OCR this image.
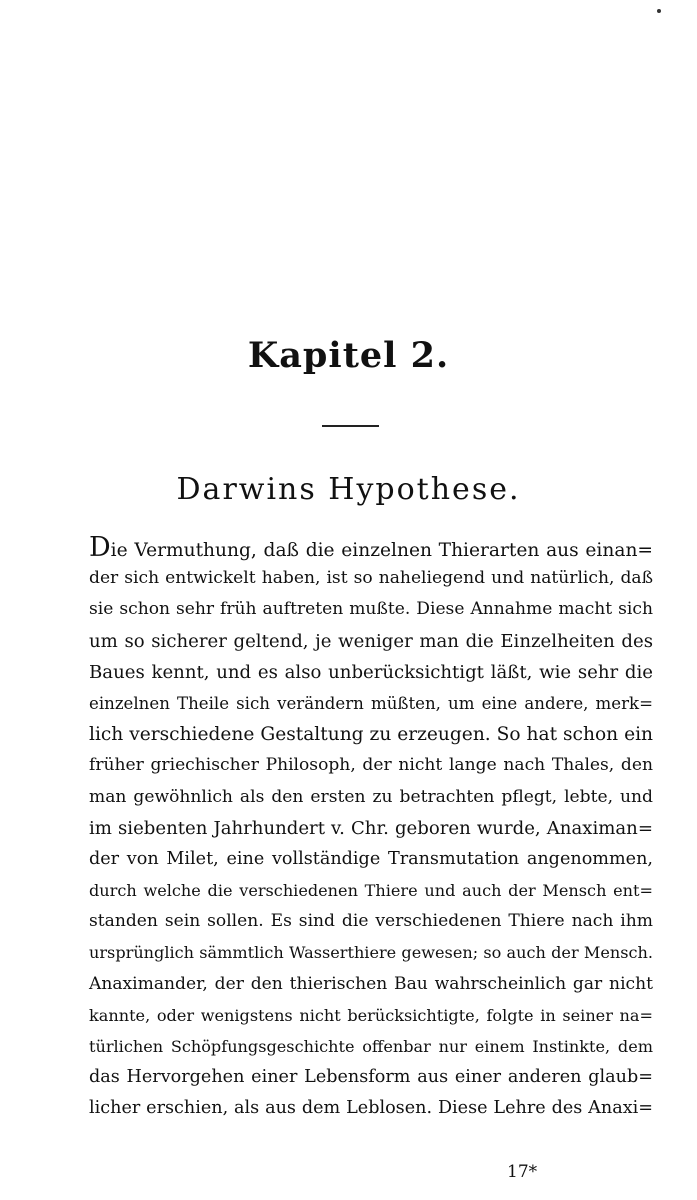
Kapitel 2.
Darwins Hypothese.
Die Vermuthung, daß die einzelnen Thierarten aus einan=
der sich entwickelt haben, ist so naheliegend und natürlich, daß
sie schon sehr früh auftreten mußte. Diese Annahme macht sich
um so sicherer geltend, je weniger man die Einzelheiten des
Baues kennt, und es also unberücksichtigt läßt, wie sehr die
einzelnen Theile sich verändern müßten, um eine andere, merk=
lich verschiedene Gestaltung zu erzeugen. So hat schon ein
früher griechischer Philosoph, der nicht lange nach Thales, den
man gewöhnlich als den ersten zu betrachten pflegt, lebte, und
im siebenten Jahrhundert v. Chr. geboren wurde, Anaximan=
der von Milet, eine vollständige Transmutation angenommen,
durch welche die verschiedenen Thiere und auch der Mensch ent=
standen sein sollen. Es sind die verschiedenen Thiere nach ihm
ursprünglich sämmtlich Wasserthiere gewesen; so auch der Mensch.
Anaximander, der den thierischen Bau wahrscheinlich gar nicht
kannte, oder wenigstens nicht berücksichtigte, folgte in seiner na=
türlichen Schöpfungsgeschichte offenbar nur einem Instinkte, dem
das Hervorgehen einer Lebensform aus einer anderen glaub=
licher erschien, als aus dem Leblosen. Diese Lehre des Anaxi=
17*
